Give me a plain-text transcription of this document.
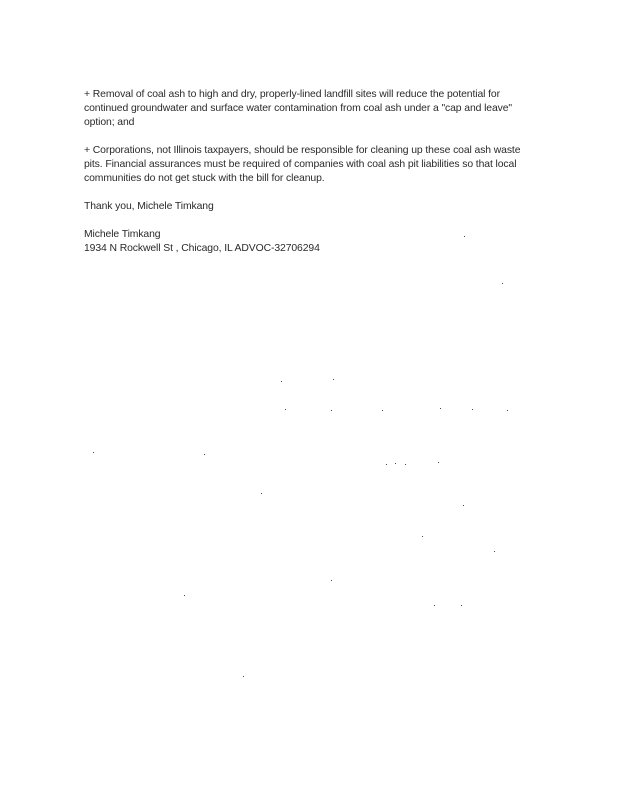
+ Removal of coal ash to high and dry, properly-lined landfill sites will reduce the potential for continued groundwater and surface water contamination from coal ash under a "cap and leave" option; and

+ Corporations, not Illinois taxpayers, should be responsible for cleaning up these coal ash waste pits. Financial assurances must be required of companies with coal ash pit liabilities so that local communities do not get stuck with the bill for cleanup.

Thank you, Michele Timkang

Michele Timkang

1934 N Rockwell St , Chicago, IL ADVOC-32706294
